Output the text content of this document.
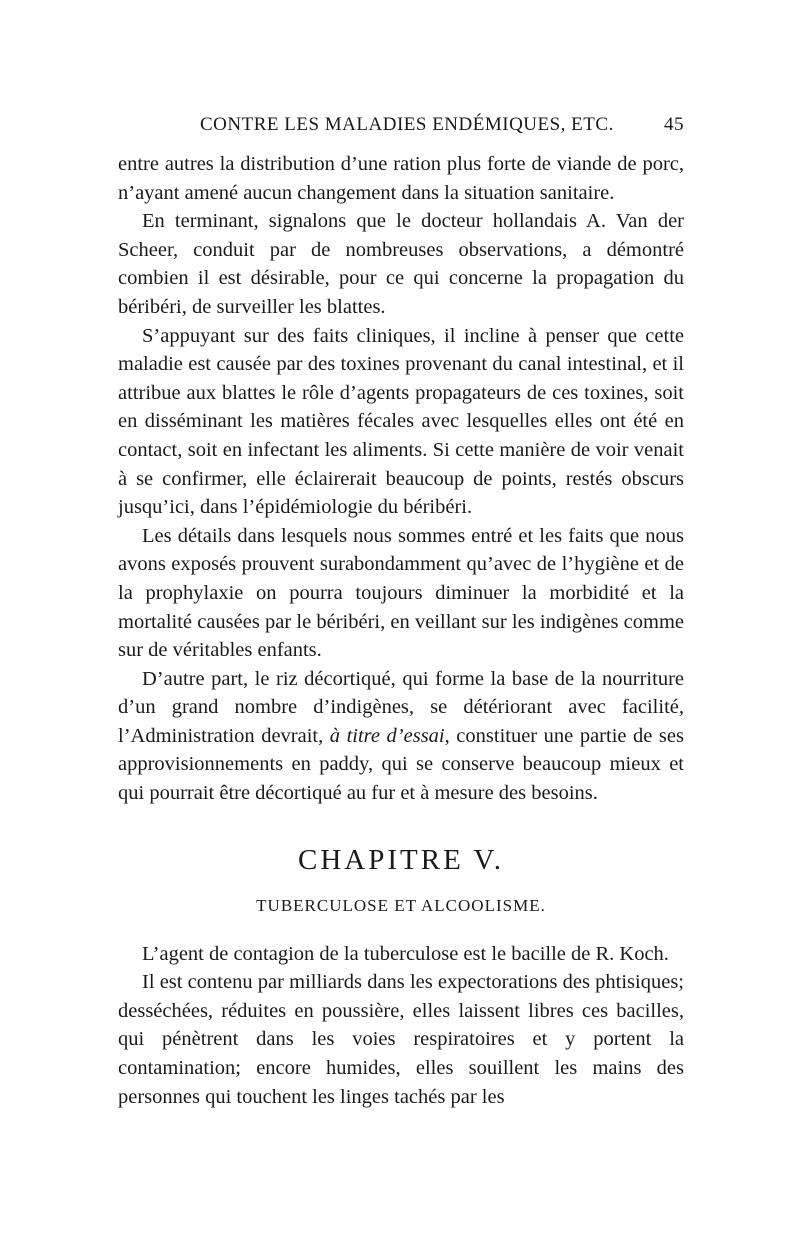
CONTRE LES MALADIES ENDÉMIQUES, ETC.	45

entre autres la distribution d’une ration plus forte de viande de porc, n’ayant amené aucun changement dans la situation sanitaire.

En terminant, signalons que le docteur hollandais A. Van der Scheer, conduit par de nombreuses observations, a démontré combien il est désirable, pour ce qui concerne la propagation du béribéri, de surveiller les blattes.

S’appuyant sur des faits cliniques, il incline à penser que cette maladie est causée par des toxines provenant du canal intestinal, et il attribue aux blattes le rôle d’agents propagateurs de ces toxines, soit en disséminant les matières fécales avec lesquelles elles ont été en contact, soit en infectant les aliments. Si cette manière de voir venait à se confirmer, elle éclairerait beaucoup de points, restés obscurs jusqu’ici, dans l’épidémiologie du béribéri.

Les détails dans lesquels nous sommes entré et les faits que nous avons exposés prouvent surabondamment qu’avec de l’hygiène et de la prophylaxie on pourra toujours diminuer la morbidité et la mortalité causées par le béribéri, en veillant sur les indigènes comme sur de véritables enfants.

D’autre part, le riz décortiqué, qui forme la base de la nourriture d’un grand nombre d’indigènes, se détériorant avec facilité, l’Administration devrait, à titre d’essai, constituer une partie de ses approvisionnements en paddy, qui se conserve beaucoup mieux et qui pourrait être décortiqué au fur et à mesure des besoins.

CHAPITRE V.
TUBERCULOSE ET ALCOOLISME.

L’agent de contagion de la tuberculose est le bacille de R. Koch.

Il est contenu par milliards dans les expectorations des phtisiques; desséchées, réduites en poussière, elles laissent libres ces bacilles, qui pénètrent dans les voies respiratoires et y portent la contamination; encore humides, elles souillent les mains des personnes qui touchent les linges tachés par les
